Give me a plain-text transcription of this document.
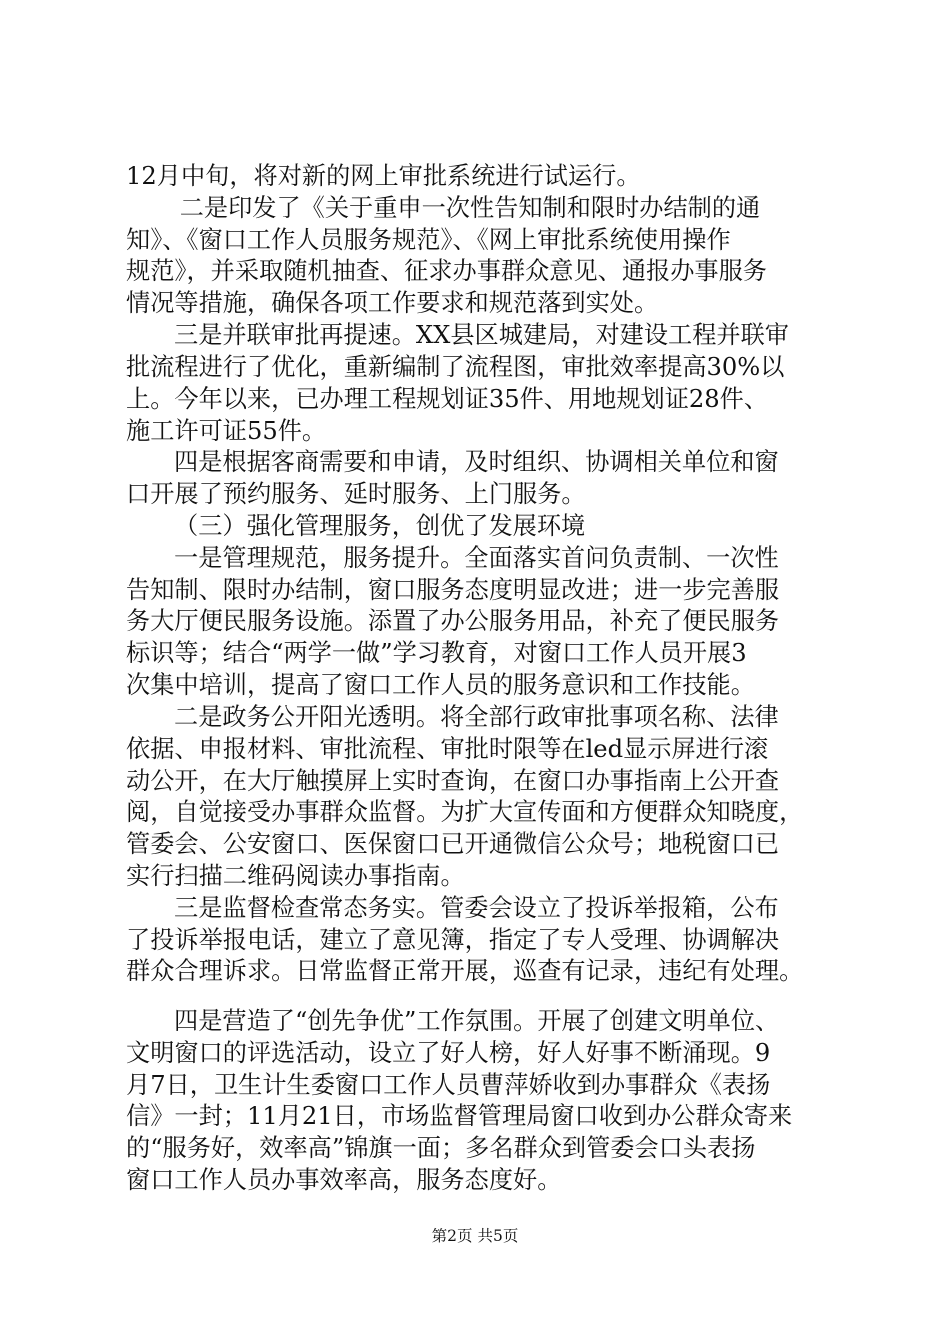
12月中旬，将对新的网上审批系统进行试运行。
二是印发了《关于重申一次性告知制和限时办结制的通
知》、《窗口工作人员服务规范》、《网上审批系统使用操作
规范》，并采取随机抽查、征求办事群众意见、通报办事服务
情况等措施，确保各项工作要求和规范落到实处。
三是并联审批再提速。XX县区城建局，对建设工程并联审
批流程进行了优化，重新编制了流程图，审批效率提高30%以
上。今年以来，已办理工程规划证35件、用地规划证28件、
施工许可证55件。
四是根据客商需要和申请，及时组织、协调相关单位和窗
口开展了预约服务、延时服务、上门服务。
（三）强化管理服务，创优了发展环境
一是管理规范，服务提升。全面落实首问负责制、一次性
告知制、限时办结制，窗口服务态度明显改进；进一步完善服
务大厅便民服务设施。添置了办公服务用品，补充了便民服务
标识等；结合“两学一做”学习教育，对窗口工作人员开展3
次集中培训，提高了窗口工作人员的服务意识和工作技能。
二是政务公开阳光透明。将全部行政审批事项名称、法律
依据、申报材料、审批流程、审批时限等在led显示屏进行滚
动公开，在大厅触摸屏上实时查询，在窗口办事指南上公开查
阅，自觉接受办事群众监督。为扩大宣传面和方便群众知晓度，
管委会、公安窗口、医保窗口已开通微信公众号；地税窗口已
实行扫描二维码阅读办事指南。
三是监督检查常态务实。管委会设立了投诉举报箱，公布
了投诉举报电话，建立了意见簿，指定了专人受理、协调解决
群众合理诉求。日常监督正常开展，巡查有记录，违纪有处理。
四是营造了“创先争优”工作氛围。开展了创建文明单位、
文明窗口的评选活动，设立了好人榜，好人好事不断涌现。9
月7日，卫生计生委窗口工作人员曹萍娇收到办事群众《表扬
信》一封；11月21日，市场监督管理局窗口收到办公群众寄来
的“服务好，效率高”锦旗一面；多名群众到管委会口头表扬
窗口工作人员办事效率高，服务态度好。
第2页 共5页
